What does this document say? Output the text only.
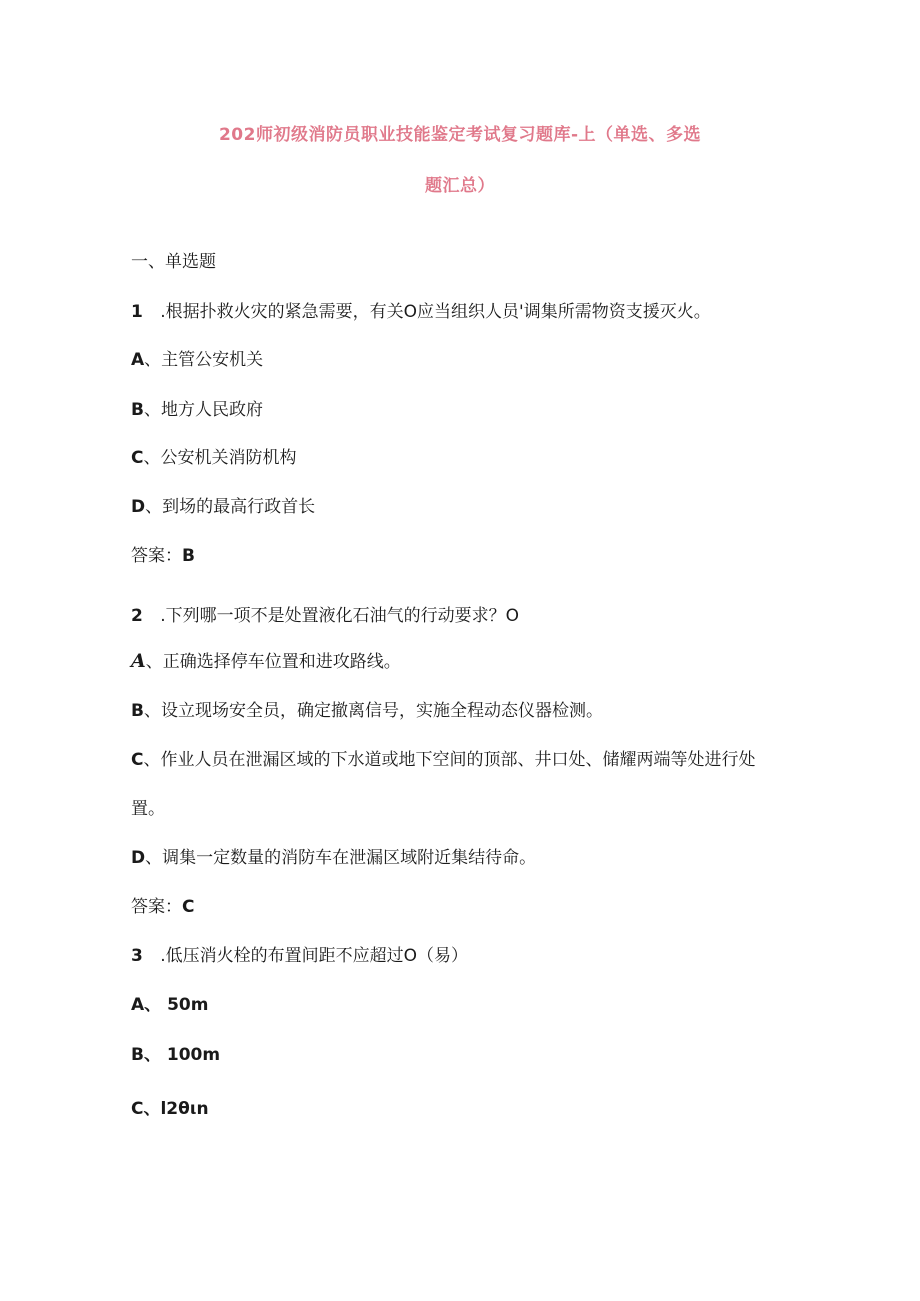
202师初级消防员职业技能鉴定考试复习题库-上（单选、多选
题汇总）
一、单选题
1 .根据扑救火灾的紧急需要，有关O应当组织人员'调集所需物资支援灭火。
A、主管公安机关
B、地方人民政府
C、公安机关消防机构
D、到场的最高行政首长
答案：B
2 .下列哪一项不是处置液化石油气的行动要求？O
A、正确选择停车位置和进攻路线。
B、设立现场安全员，确定撤离信号，实施全程动态仪器检测。
C、作业人员在泄漏区域的下水道或地下空间的顶部、井口处、储耀两端等处进行处
置。
D、调集一定数量的消防车在泄漏区域附近集结待命。
答案：C
3 .低压消火栓的布置间距不应超过O（易）
A、 50m
B、 100m
C、l2θιn
